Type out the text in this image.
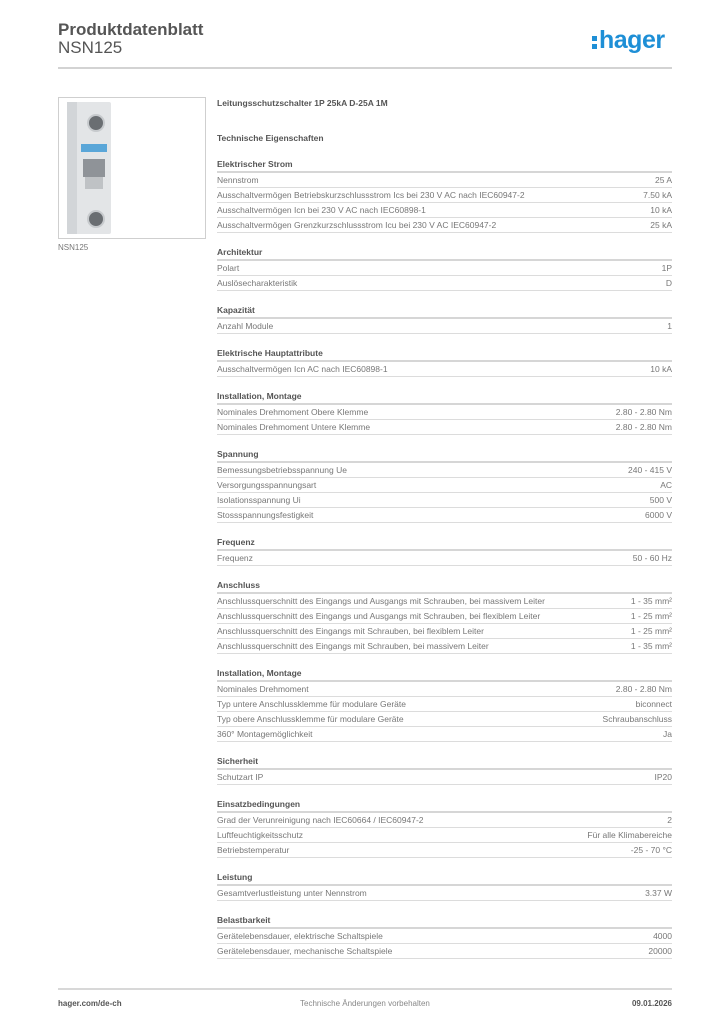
Produktdatenblatt
NSN125	hager
NSN125
Leitungsschutzschalter 1P 25kA D-25A 1M
Technische Eigenschaften
Elektrischer Strom
Nennstrom	25 A
Ausschaltvermögen Betriebskurzschlussstrom Ics bei 230 V AC nach IEC60947-2	7.50 kA
Ausschaltvermögen Icn bei 230 V AC nach IEC60898-1	10 kA
Ausschaltvermögen Grenzkurzschlussstrom Icu bei 230 V AC IEC60947-2	25 kA
Architektur
Polart	1P
Auslösecharakteristik	D
Kapazität
Anzahl Module	1
Elektrische Hauptattribute
Ausschaltvermögen Icn AC nach IEC60898-1	10 kA
Installation, Montage
Nominales Drehmoment Obere Klemme	2.80 - 2.80 Nm
Nominales Drehmoment Untere Klemme	2.80 - 2.80 Nm
Spannung
Bemessungsbetriebsspannung Ue	240 - 415 V
Versorgungsspannungsart	AC
Isolationsspannung Ui	500 V
Stossspannungsfestigkeit	6000 V
Frequenz
Frequenz	50 - 60 Hz
Anschluss
Anschlussquerschnitt des Eingangs und Ausgangs mit Schrauben, bei massivem Leiter	1 - 35 mm²
Anschlussquerschnitt des Eingangs und Ausgangs mit Schrauben, bei flexiblem Leiter	1 - 25 mm²
Anschlussquerschnitt des Eingangs mit Schrauben, bei flexiblem Leiter	1 - 25 mm²
Anschlussquerschnitt des Eingangs mit Schrauben, bei massivem Leiter	1 - 35 mm²
Installation, Montage
Nominales Drehmoment	2.80 - 2.80 Nm
Typ untere Anschlussklemme für modulare Geräte	biconnect
Typ obere Anschlussklemme für modulare Geräte	Schraubanschluss
360° Montagemöglichkeit	Ja
Sicherheit
Schutzart IP	IP20
Einsatzbedingungen
Grad der Verunreinigung nach IEC60664 / IEC60947-2	2
Luftfeuchtigkeitsschutz	Für alle Klimabereiche
Betriebstemperatur	-25 - 70 °C
Leistung
Gesamtverlustleistung unter Nennstrom	3.37 W
Belastbarkeit
Gerätelebensdauer, elektrische Schaltspiele	4000
Gerätelebensdauer, mechanische Schaltspiele	20000
hager.com/de-ch	Technische Änderungen vorbehalten	09.01.2026
